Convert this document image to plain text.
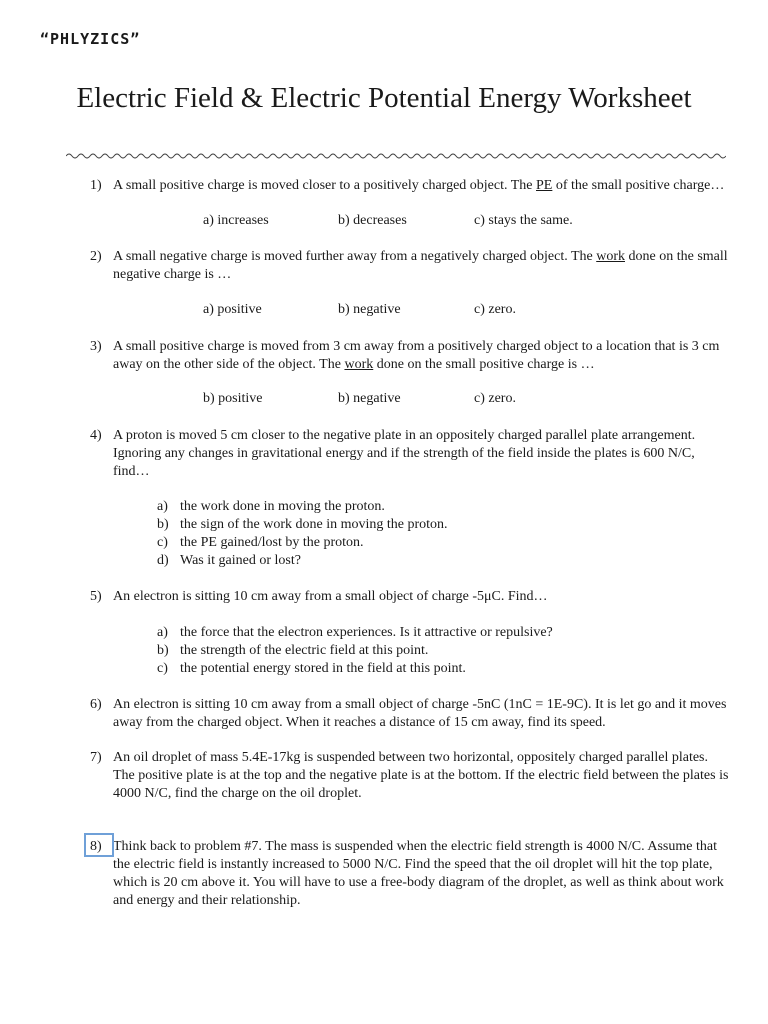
“PHLYZICS”
Electric Field & Electric Potential Energy Worksheet
1) A small positive charge is moved closer to a positively charged object. The PE of the small positive charge…
a) increases	b) decreases	c) stays the same.
2) A small negative charge is moved further away from a negatively charged object. The work done on the small negative charge is …
a) positive	b) negative	c) zero.
3) A small positive charge is moved from 3 cm away from a positively charged object to a location that is 3 cm away on the other side of the object. The work done on the small positive charge is …
b) positive	b) negative	c) zero.
4) A proton is moved 5 cm closer to the negative plate in an oppositely charged parallel plate arrangement. Ignoring any changes in gravitational energy and if the strength of the field inside the plates is 600 N/C, find…
a) the work done in moving the proton.
b) the sign of the work done in moving the proton.
c) the PE gained/lost by the proton.
d) Was it gained or lost?
5) An electron is sitting 10 cm away from a small object of charge -5μC. Find…
a) the force that the electron experiences. Is it attractive or repulsive?
b) the strength of the electric field at this point.
c) the potential energy stored in the field at this point.
6) An electron is sitting 10 cm away from a small object of charge -5nC (1nC = 1E-9C). It is let go and it moves away from the charged object. When it reaches a distance of 15 cm away, find its speed.
7) An oil droplet of mass 5.4E-17kg is suspended between two horizontal, oppositely charged parallel plates. The positive plate is at the top and the negative plate is at the bottom. If the electric field between the plates is 4000 N/C, find the charge on the oil droplet.
8) Think back to problem #7. The mass is suspended when the electric field strength is 4000 N/C. Assume that the electric field is instantly increased to 5000 N/C. Find the speed that the oil droplet will hit the top plate, which is 20 cm above it. You will have to use a free-body diagram of the droplet, as well as think about work and energy and their relationship.
